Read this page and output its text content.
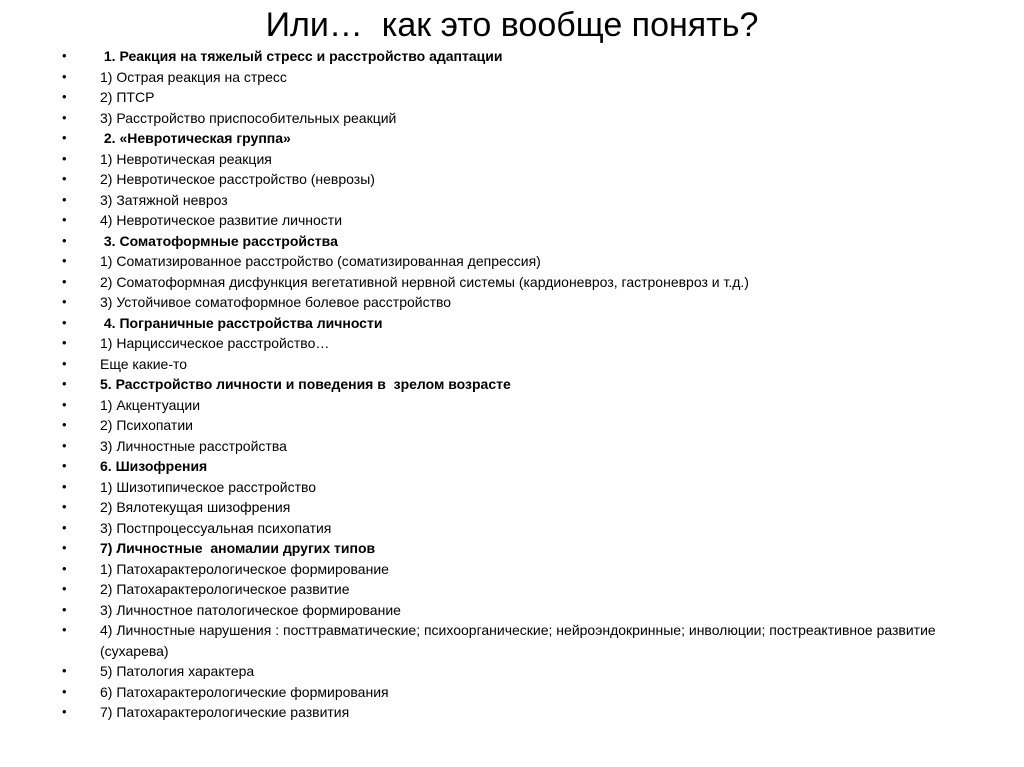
Или…  как это вообще понять?
• 1. Реакция на тяжелый стресс и расстройство адаптации
• 1) Острая реакция на стресс
• 2) ПТСР
• 3) Расстройство приспособительных реакций
• 2. «Невротическая группа»
• 1) Невротическая реакция
• 2) Невротическое расстройство (неврозы)
• 3) Затяжной невроз
• 4) Невротическое развитие личности
• 3. Соматоформные расстройства
• 1) Соматизированное расстройство (соматизированная депрессия)
• 2) Соматоформная дисфункция вегетативной нервной системы (кардионевроз, гастроневроз и т.д.)
• 3) Устойчивое соматоформное болевое расстройство
• 4. Пограничные расстройства личности
• 1) Нарциссическое расстройство…
• Еще какие-то
• 5. Расстройство личности и поведения в  зрелом возрасте
• 1) Акцентуации
• 2) Психопатии
• 3) Личностные расстройства
• 6. Шизофрения
• 1) Шизотипическое расстройство
• 2) Вялотекущая шизофрения
• 3) Постпроцессуальная психопатия
• 7) Личностные  аномалии других типов
• 1) Патохарактерологическое формирование
• 2) Патохарактерологическое развитие
• 3) Личностное патологическое формирование
• 4) Личностные нарушения : посттравматические; психоорганические; нейроэндокринные; инволюции; постреактивное развитие (сухарева)
• 5) Патология характера
• 6) Патохарактерологические формирования
• 7) Патохарактерологические развития
